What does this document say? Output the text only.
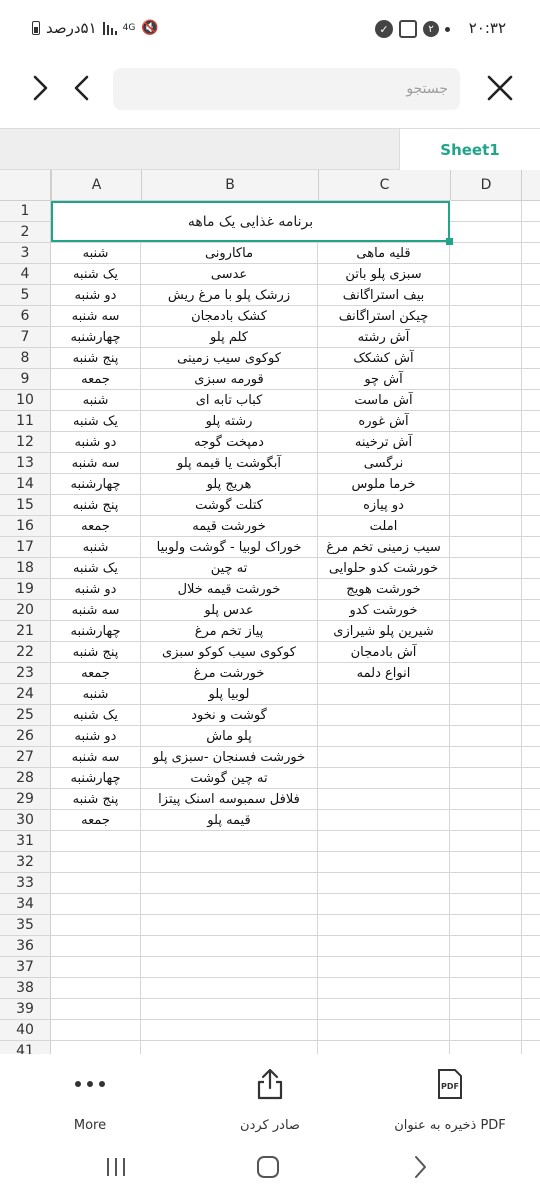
🔇
4G
۵۱درصد	✓	۲	۲۰:۳۲
جستجو
Sheet1
A	B	C	D
1
2
3	شنبه	ماکارونی	قلیه ماهی
4	یک شنبه	عدسی	سبزی پلو باتن
5	دو شنبه	زرشک پلو با مرغ ریش	بیف استراگانف
6	سه شنبه	کشک بادمجان	چیکن استراگانف
7	چهارشنبه	کلم پلو	آش رشته
8	پنج شنبه	کوکوی سیب زمینی	آش کشکک
9	جمعه	قورمه سبزی	آش چو
10	شنبه	کباب تابه ای	آش ماست
11	یک شنبه	رشته پلو	آش غوره
12	دو شنبه	دمپخت گوجه	آش ترخینه
13	سه شنبه	آبگوشت یا قیمه پلو	نرگسی
14	چهارشنبه	هریج پلو	خرما ملوس
15	پنج شنبه	کتلت گوشت	دو پیازه
16	جمعه	خورشت قیمه	املت
17	شنبه	خوراک لوبیا - گوشت ولوبیا	سیب زمینی تخم مرغ
18	یک شنبه	ته چین	خورشت کدو حلوایی
19	دو شنبه	خورشت قیمه خلال	خورشت هویج
20	سه شنبه	عدس پلو	خورشت کدو
21	چهارشنبه	پیاز تخم مرغ	شیرین پلو شیرازی
22	پنج شنبه	کوکوی سیب کوکو سبزی	آش بادمجان
23	جمعه	خورشت مرغ	انواع دلمه
24	شنبه	لوبیا پلو
25	یک شنبه	گوشت و نخود
26	دو شنبه	پلو ماش
27	سه شنبه	خورشت فسنجان -سبزی پلو
28	چهارشنبه	ته چین گوشت
29	پنج شنبه	فلافل سمبوسه اسنک پیتزا
30	جمعه	قیمه پلو
31
32
33
34
35
36
37
38
39
40
41
برنامه غذایی یک ماهه
More	صادر کردن
PDF
ذخیره به عنوان PDF
